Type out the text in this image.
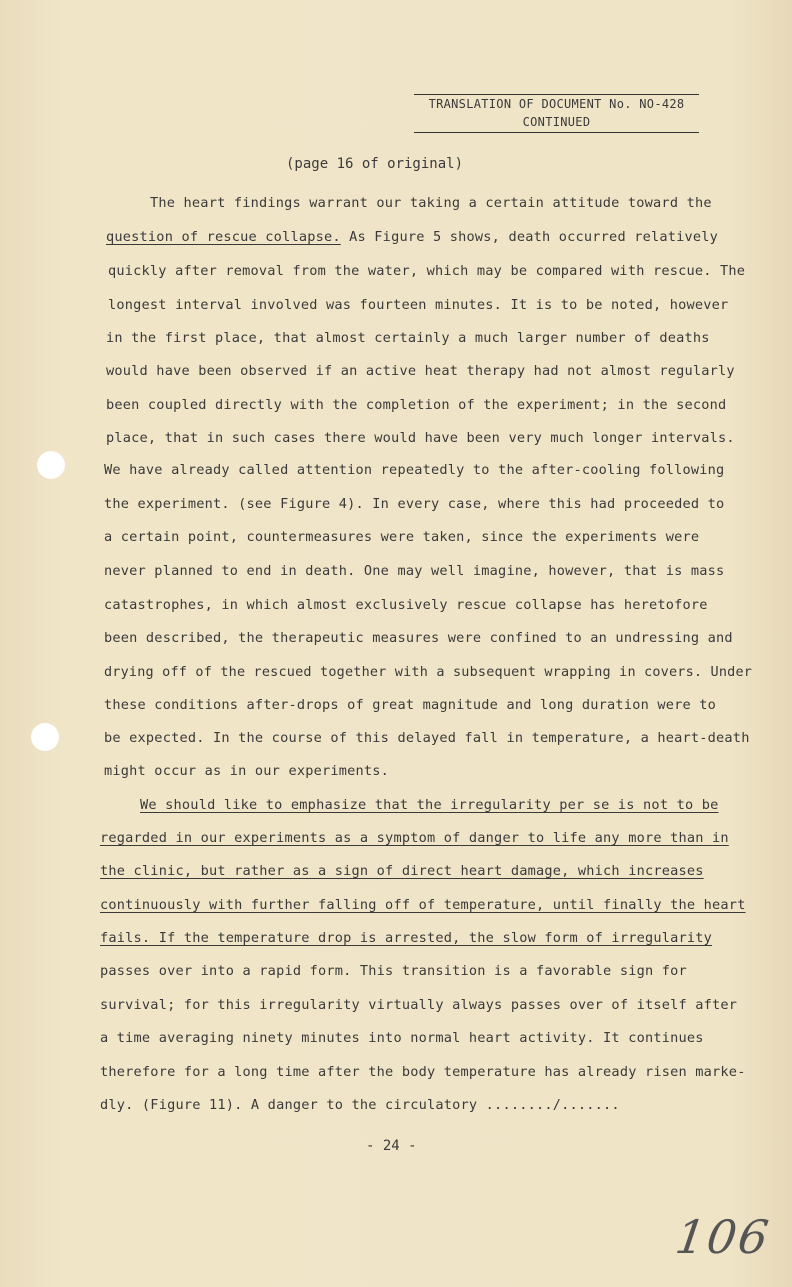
TRANSLATION OF DOCUMENT No. NO-428
CONTINUED
(page 16 of original)
The heart findings warrant our taking a certain attitude toward the
question of rescue collapse. As Figure 5 shows, death occurred relatively
quickly after removal from the water, which may be compared with rescue. The
longest interval involved was fourteen minutes. It is to be noted, however
in the first place, that almost certainly a much larger number of deaths
would have been observed if an active heat therapy had not almost regularly
been coupled directly with the completion of the experiment; in the second
place, that in such cases there would have been very much longer intervals.
We have already called attention repeatedly to the after-cooling following
the experiment. (see Figure 4). In every case, where this had proceeded to
a certain point, countermeasures were taken, since the experiments were
never planned to end in death. One may well imagine, however, that is mass
catastrophes, in which almost exclusively rescue collapse has heretofore
been described, the therapeutic measures were confined to an undressing and
drying off of the rescued together with a subsequent wrapping in covers. Under
these conditions after-drops of great magnitude and long duration were to
be expected. In the course of this delayed fall in temperature, a heart-death
might occur as in our experiments.
We should like to emphasize that the irregularity per se is not to be
regarded in our experiments as a symptom of danger to life any more than in
the clinic, but rather as a sign of direct heart damage, which increases
continuously with further falling off of temperature, until finally the heart
fails. If the temperature drop is arrested, the slow form of irregularity
passes over into a rapid form. This transition is a favorable sign for
survival; for this irregularity virtually always passes over of itself after
a time averaging ninety minutes into normal heart activity. It continues
therefore for a long time after the body temperature has already risen marke-
dly. (Figure 11). A danger to the circulatory ......../.......
- 24 -
106
